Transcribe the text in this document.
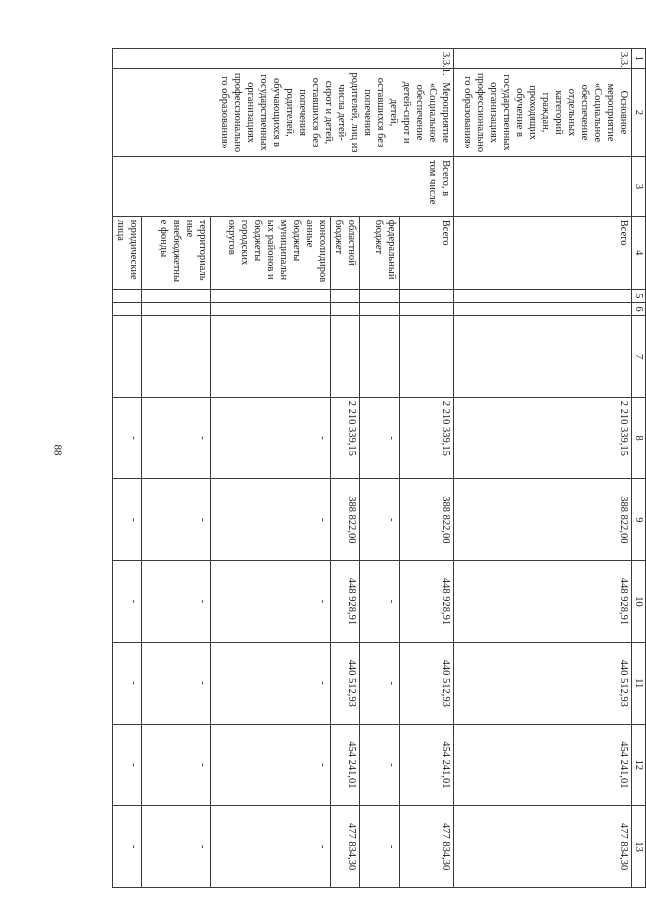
88
1	2	3	4	5	6	7	8	9	10	11	12	13
3.3.	Основное мероприятие «Социальное обеспечение отдельных категорий граждан, проходящих обучение в государственных организациях профессионального образования»		Всего				2 210 339,15	388 822,00	448 928,91	440 512,93	454 241,01	477 834,30
3.3.1.	Мероприятие «Социальное обеспечение детей-сирот и детей, оставшихся без попечения родителей, лиц из числа детей-сирот и детей, оставшихся без попечения родителей, обучающихся в государственных организациях профессионального образования»	Всего, в том числе	Всего				2 210 339,15	388 822,00	448 928,91	440 512,93	454 241,01	477 834,30
			федеральный бюджет				-	-	-	-	-	-
			областной бюджет				2 210 339,15	388 822,00	448 928,91	440 512,93	454 241,01	477 834,30
			консолидированные бюджеты муниципальных районов и бюджеты городских округов				-	-	-	-	-	-
			территориальные внебюджетные фонды				-	-	-	-	-	-
			юридические лица				-	-	-	-	-	-
